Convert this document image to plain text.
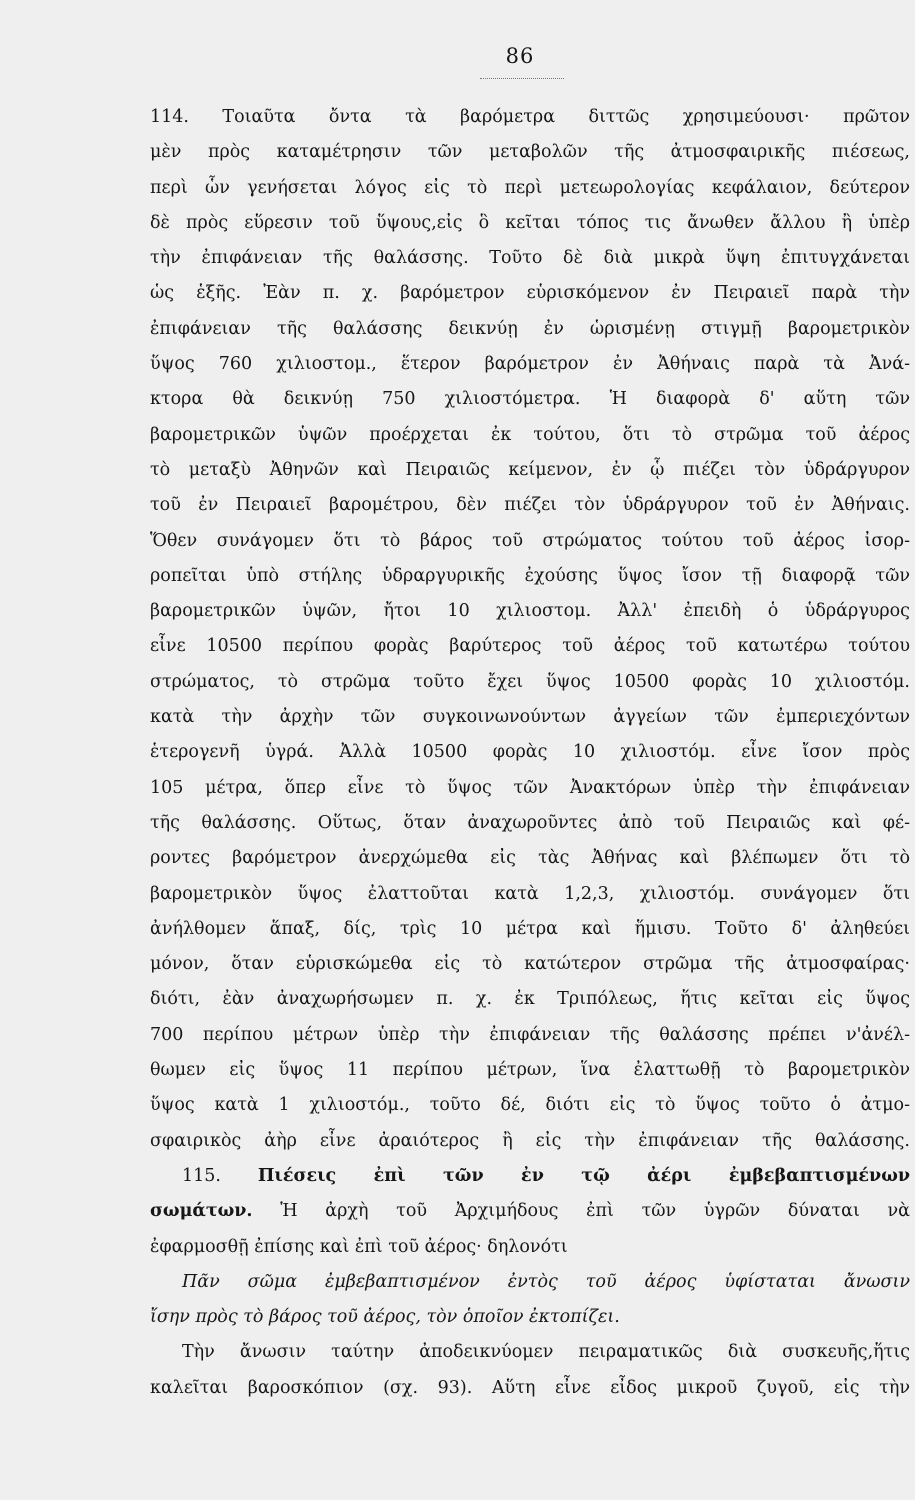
86
114. Τοιαῦτα ὄντα τὰ βαρόμετρα διττῶς χρησιμεύουσι· πρῶτον
μὲν πρὸς καταμέτρησιν τῶν μεταβολῶν τῆς ἀτμοσφαιρικῆς πιέσεως,
περὶ ὧν γενήσεται λόγος εἰς τὸ περὶ μετεωρολογίας κεφάλαιον, δεύτερον
δὲ πρὸς εὕρεσιν τοῦ ὕψους,εἰς ὃ κεῖται τόπος τις ἄνωθεν ἄλλου ἢ ὑπὲρ
τὴν ἐπιφάνειαν τῆς θαλάσσης. Τοῦτο δὲ διὰ μικρὰ ὕψη ἐπιτυγχάνεται
ὡς ἑξῆς. Ἐὰν π. χ. βαρόμετρον εὑρισκόμενον ἐν Πειραιεῖ παρὰ τὴν
ἐπιφάνειαν τῆς θαλάσσης δεικνύῃ ἐν ὡρισμένῃ στιγμῇ βαρομετρικὸν
ὕψος 760 χιλιοστομ., ἕτερον βαρόμετρον ἐν Ἀθήναις παρὰ τὰ Ἀνά-
κτορα θὰ δεικνύῃ 750 χιλιοστόμετρα. Ἡ διαφορὰ δ' αὕτη τῶν
βαρομετρικῶν ὑψῶν προέρχεται ἐκ τούτου, ὅτι τὸ στρῶμα τοῦ ἀέρος
τὸ μεταξὺ Ἀθηνῶν καὶ Πειραιῶς κείμενον, ἐν ᾧ πιέζει τὸν ὑδράργυρον
τοῦ ἐν Πειραιεῖ βαρομέτρου, δὲν πιέζει τὸν ὑδράργυρον τοῦ ἐν Ἀθήναις.
Ὅθεν συνάγομεν ὅτι τὸ βάρος τοῦ στρώματος τούτου τοῦ ἀέρος ἰσορ-
ροπεῖται ὑπὸ στήλης ὑδραργυρικῆς ἐχούσης ὕψος ἴσον τῇ διαφορᾷ τῶν
βαρομετρικῶν ὑψῶν, ἤτοι 10 χιλιοστομ. Ἀλλ' ἐπειδὴ ὁ ὑδράργυρος
εἶνε 10500 περίπου φορὰς βαρύτερος τοῦ ἀέρος τοῦ κατωτέρω τούτου
στρώματος, τὸ στρῶμα τοῦτο ἔχει ὕψος 10500 φορὰς 10 χιλιοστόμ.
κατὰ τὴν ἀρχὴν τῶν συγκοινωνούντων ἀγγείων τῶν ἐμπεριεχόντων
ἑτερογενῆ ὑγρά. Ἀλλὰ 10500 φορὰς 10 χιλιοστόμ. εἶνε ἴσον πρὸς
105 μέτρα, ὅπερ εἶνε τὸ ὕψος τῶν Ἀνακτόρων ὑπὲρ τὴν ἐπιφάνειαν
τῆς θαλάσσης. Οὕτως, ὅταν ἀναχωροῦντες ἀπὸ τοῦ Πειραιῶς καὶ φέ-
ροντες βαρόμετρον ἀνερχώμεθα εἰς τὰς Ἀθήνας καὶ βλέπωμεν ὅτι τὸ
βαρομετρικὸν ὕψος ἐλαττοῦται κατὰ 1,2,3, χιλιοστόμ. συνάγομεν ὅτι
ἀνήλθομεν ἅπαξ, δίς, τρὶς 10 μέτρα καὶ ἥμισυ. Τοῦτο δ' ἀληθεύει
μόνον, ὅταν εὑρισκώμεθα εἰς τὸ κατώτερον στρῶμα τῆς ἀτμοσφαίρας·
διότι, ἐὰν ἀναχωρήσωμεν π. χ. ἐκ Τριπόλεως, ἥτις κεῖται εἰς ὕψος
700 περίπου μέτρων ὑπὲρ τὴν ἐπιφάνειαν τῆς θαλάσσης πρέπει ν'ἀνέλ-
θωμεν εἰς ὕψος 11 περίπου μέτρων, ἵνα ἐλαττωθῇ τὸ βαρομετρικὸν
ὕψος κατὰ 1 χιλιοστόμ., τοῦτο δέ, διότι εἰς τὸ ὕψος τοῦτο ὁ ἀτμο-
σφαιρικὸς ἀὴρ εἶνε ἀραιότερος ἢ εἰς τὴν ἐπιφάνειαν τῆς θαλάσσης.
115. Πιέσεις ἐπὶ τῶν ἐν τῷ ἀέρι ἐμβεβαπτισμένων
σωμάτων. Ἡ ἀρχὴ τοῦ Ἀρχιμήδους ἐπὶ τῶν ὑγρῶν δύναται νὰ
ἐφαρμοσθῇ ἐπίσης καὶ ἐπὶ τοῦ ἀέρος· δηλονότι
Πᾶν σῶμα ἐμβεβαπτισμένον ἐντὸς τοῦ ἀέρος ὑφίσταται ἄνωσιν
ἴσην πρὸς τὸ βάρος τοῦ ἀέρος, τὸν ὁποῖον ἐκτοπίζει.
Τὴν ἄνωσιν ταύτην ἀποδεικνύομεν πειραματικῶς διὰ συσκευῆς,ἥτις
καλεῖται βαροσκόπιον (σχ. 93). Αὕτη εἶνε εἶδος μικροῦ ζυγοῦ, εἰς τὴν
